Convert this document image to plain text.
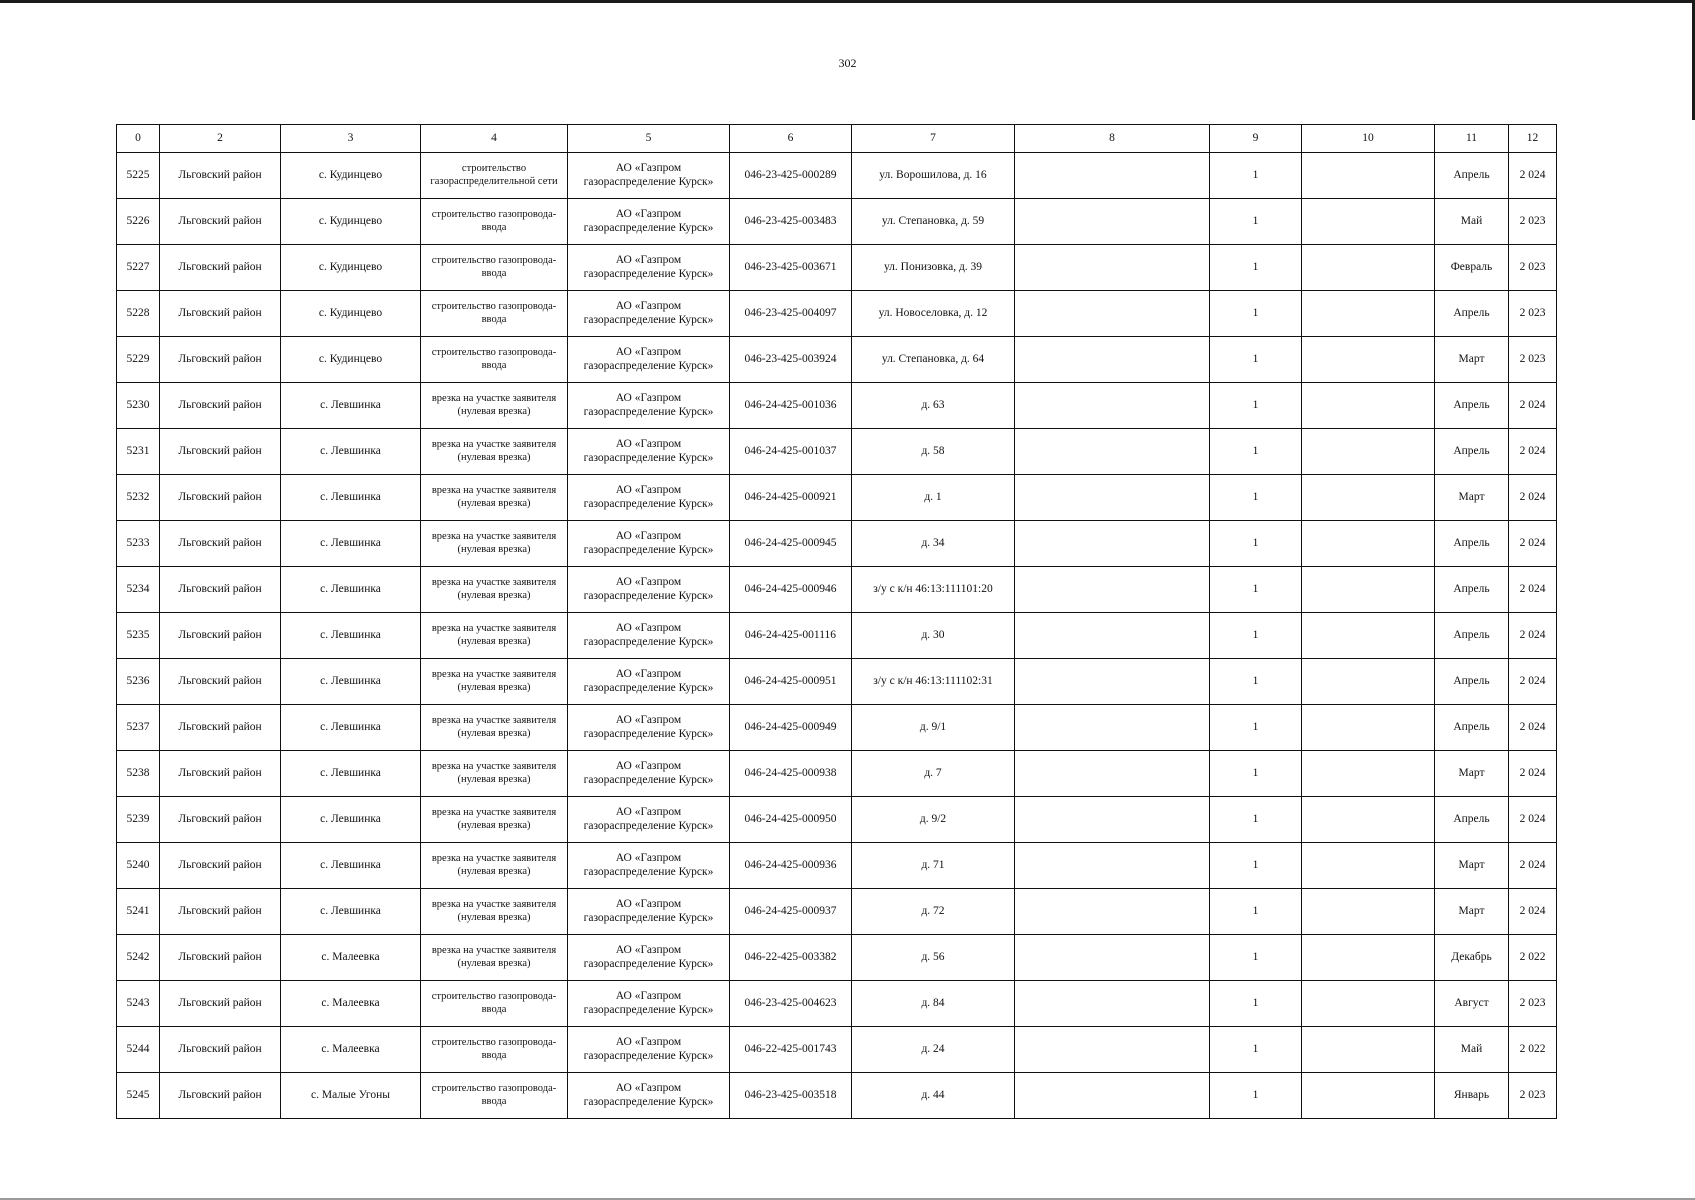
302
0	2	3	4	5	6	7	8	9	10	11	12
5225	Льговский район	с. Кудинцево	строительство газораспределительной сети	АО «Газпром газораспределение Курск»	046-23-425-000289	ул. Ворошилова, д. 16		1		Апрель	2 024
5226	Льговский район	с. Кудинцево	строительство газопровода-ввода	АО «Газпром газораспределение Курск»	046-23-425-003483	ул. Степановка, д. 59		1		Май	2 023
5227	Льговский район	с. Кудинцево	строительство газопровода-ввода	АО «Газпром газораспределение Курск»	046-23-425-003671	ул. Понизовка, д. 39		1		Февраль	2 023
5228	Льговский район	с. Кудинцево	строительство газопровода-ввода	АО «Газпром газораспределение Курск»	046-23-425-004097	ул. Новоселовка, д. 12		1		Апрель	2 023
5229	Льговский район	с. Кудинцево	строительство газопровода-ввода	АО «Газпром газораспределение Курск»	046-23-425-003924	ул. Степановка, д. 64		1		Март	2 023
5230	Льговский район	с. Левшинка	врезка на участке заявителя (нулевая врезка)	АО «Газпром газораспределение Курск»	046-24-425-001036	д. 63		1		Апрель	2 024
5231	Льговский район	с. Левшинка	врезка на участке заявителя (нулевая врезка)	АО «Газпром газораспределение Курск»	046-24-425-001037	д. 58		1		Апрель	2 024
5232	Льговский район	с. Левшинка	врезка на участке заявителя (нулевая врезка)	АО «Газпром газораспределение Курск»	046-24-425-000921	д. 1		1		Март	2 024
5233	Льговский район	с. Левшинка	врезка на участке заявителя (нулевая врезка)	АО «Газпром газораспределение Курск»	046-24-425-000945	д. 34		1		Апрель	2 024
5234	Льговский район	с. Левшинка	врезка на участке заявителя (нулевая врезка)	АО «Газпром газораспределение Курск»	046-24-425-000946	з/у с к/н 46:13:111101:20		1		Апрель	2 024
5235	Льговский район	с. Левшинка	врезка на участке заявителя (нулевая врезка)	АО «Газпром газораспределение Курск»	046-24-425-001116	д. 30		1		Апрель	2 024
5236	Льговский район	с. Левшинка	врезка на участке заявителя (нулевая врезка)	АО «Газпром газораспределение Курск»	046-24-425-000951	з/у с к/н 46:13:111102:31		1		Апрель	2 024
5237	Льговский район	с. Левшинка	врезка на участке заявителя (нулевая врезка)	АО «Газпром газораспределение Курск»	046-24-425-000949	д. 9/1		1		Апрель	2 024
5238	Льговский район	с. Левшинка	врезка на участке заявителя (нулевая врезка)	АО «Газпром газораспределение Курск»	046-24-425-000938	д. 7		1		Март	2 024
5239	Льговский район	с. Левшинка	врезка на участке заявителя (нулевая врезка)	АО «Газпром газораспределение Курск»	046-24-425-000950	д. 9/2		1		Апрель	2 024
5240	Льговский район	с. Левшинка	врезка на участке заявителя (нулевая врезка)	АО «Газпром газораспределение Курск»	046-24-425-000936	д. 71		1		Март	2 024
5241	Льговский район	с. Левшинка	врезка на участке заявителя (нулевая врезка)	АО «Газпром газораспределение Курск»	046-24-425-000937	д. 72		1		Март	2 024
5242	Льговский район	с. Малеевка	врезка на участке заявителя (нулевая врезка)	АО «Газпром газораспределение Курск»	046-22-425-003382	д. 56		1		Декабрь	2 022
5243	Льговский район	с. Малеевка	строительство газопровода-ввода	АО «Газпром газораспределение Курск»	046-23-425-004623	д. 84		1		Август	2 023
5244	Льговский район	с. Малеевка	строительство газопровода-ввода	АО «Газпром газораспределение Курск»	046-22-425-001743	д. 24		1		Май	2 022
5245	Льговский район	с. Малые Угоны	строительство газопровода-ввода	АО «Газпром газораспределение Курск»	046-23-425-003518	д. 44		1		Январь	2 023
